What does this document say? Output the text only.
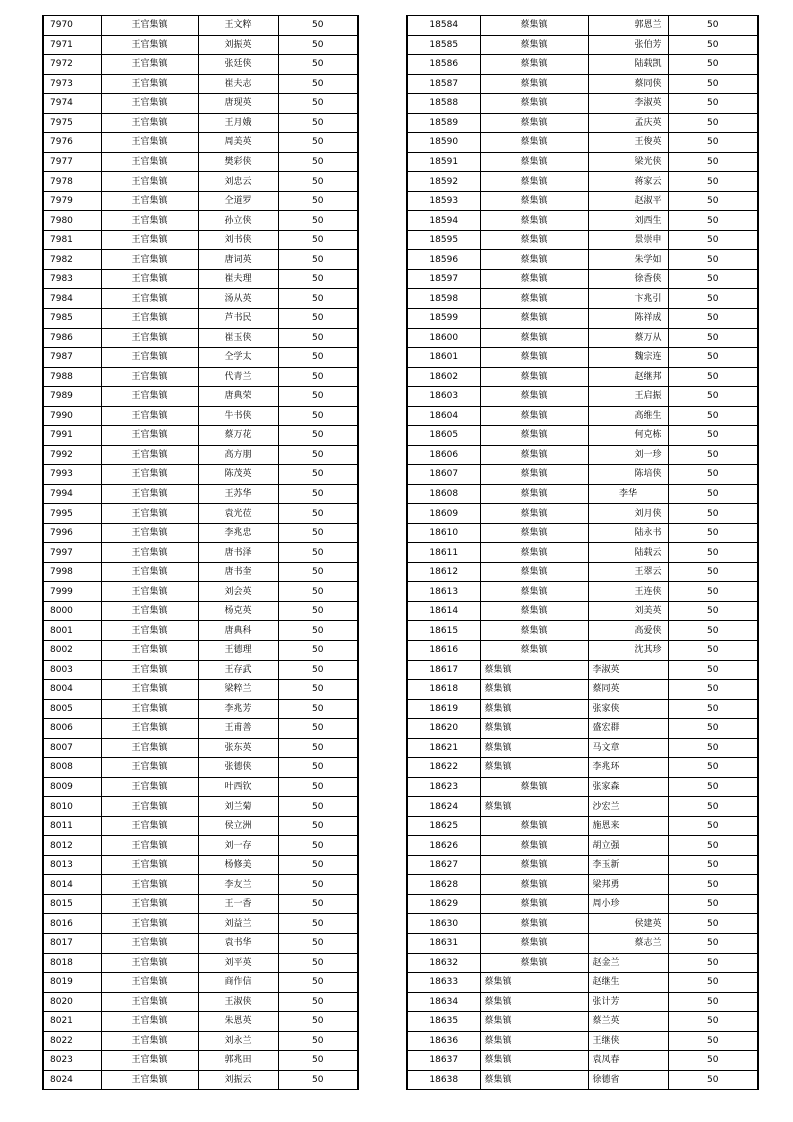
7970	王官集镇	王文粹	50
7971	王官集镇	刘振英	50
7972	王官集镇	张廷侠	50
7973	王官集镇	崔夫志	50
7974	王官集镇	唐现英	50
7975	王官集镇	王月娥	50
7976	王官集镇	周美英	50
7977	王官集镇	樊彩侠	50
7978	王官集镇	刘忠云	50
7979	王官集镇	仝道罗	50
7980	王官集镇	孙立侠	50
7981	王官集镇	刘书侠	50
7982	王官集镇	唐词英	50
7983	王官集镇	崔夫理	50
7984	王官集镇	汤从英	50
7985	王官集镇	芦书民	50
7986	王官集镇	崔玉侠	50
7987	王官集镇	仝学太	50
7988	王官集镇	代青兰	50
7989	王官集镇	唐典荣	50
7990	王官集镇	牛书侠	50
7991	王官集镇	蔡万花	50
7992	王官集镇	高方朋	50
7993	王官集镇	陈茂英	50
7994	王官集镇	王苏华	50
7995	王官集镇	袁光莅	50
7996	王官集镇	李兆忠	50
7997	王官集镇	唐书泽	50
7998	王官集镇	唐书奎	50
7999	王官集镇	刘会英	50
8000	王官集镇	杨克英	50
8001	王官集镇	唐典科	50
8002	王官集镇	王德理	50
8003	王官集镇	王存武	50
8004	王官集镇	梁粹兰	50
8005	王官集镇	李兆芳	50
8006	王官集镇	王甫善	50
8007	王官集镇	张东英	50
8008	王官集镇	张德侠	50
8009	王官集镇	叶西钦	50
8010	王官集镇	刘兰菊	50
8011	王官集镇	侯立洲	50
8012	王官集镇	刘一存	50
8013	王官集镇	杨修美	50
8014	王官集镇	李友兰	50
8015	王官集镇	王一香	50
8016	王官集镇	刘益兰	50
8017	王官集镇	袁书华	50
8018	王官集镇	刘平英	50
8019	王官集镇	商作信	50
8020	王官集镇	王淑侠	50
8021	王官集镇	朱恩英	50
8022	王官集镇	刘永兰	50
8023	王官集镇	郭兆田	50
8024	王官集镇	刘振云	50
18584	蔡集镇	郭恩兰	50
18585	蔡集镇	张伯芳	50
18586	蔡集镇	陆载凯	50
18587	蔡集镇	蔡同侠	50
18588	蔡集镇	李淑英	50
18589	蔡集镇	孟庆英	50
18590	蔡集镇	王俊英	50
18591	蔡集镇	梁光侠	50
18592	蔡集镇	蒋家云	50
18593	蔡集镇	赵淑平	50
18594	蔡集镇	刘西生	50
18595	蔡集镇	景崇申	50
18596	蔡集镇	朱学如	50
18597	蔡集镇	徐香侠	50
18598	蔡集镇	卞兆引	50
18599	蔡集镇	陈祥成	50
18600	蔡集镇	蔡万从	50
18601	蔡集镇	魏宗连	50
18602	蔡集镇	赵继邦	50
18603	蔡集镇	王启振	50
18604	蔡集镇	高维生	50
18605	蔡集镇	何克栋	50
18606	蔡集镇	刘一珍	50
18607	蔡集镇	陈培侠	50
18608	蔡集镇	李华	50
18609	蔡集镇	刘月侠	50
18610	蔡集镇	陆永书	50
18611	蔡集镇	陆载云	50
18612	蔡集镇	王翠云	50
18613	蔡集镇	王连侠	50
18614	蔡集镇	刘美英	50
18615	蔡集镇	高爱侠	50
18616	蔡集镇	沈其珍	50
18617	蔡集镇	李淑英	50
18618	蔡集镇	蔡同英	50
18619	蔡集镇	张家侠	50
18620	蔡集镇	盛宏群	50
18621	蔡集镇	马文章	50
18622	蔡集镇	李兆环	50
18623	蔡集镇	张家森	50
18624	蔡集镇	沙宏兰	50
18625	蔡集镇	施恩来	50
18626	蔡集镇	胡立强	50
18627	蔡集镇	李玉新	50
18628	蔡集镇	梁邦勇	50
18629	蔡集镇	周小珍	50
18630	蔡集镇	侯建英	50
18631	蔡集镇	蔡志兰	50
18632	蔡集镇	赵金兰	50
18633	蔡集镇	赵继生	50
18634	蔡集镇	张计芳	50
18635	蔡集镇	蔡兰英	50
18636	蔡集镇	王继侠	50
18637	蔡集镇	袁凤春	50
18638	蔡集镇	徐德省	50
